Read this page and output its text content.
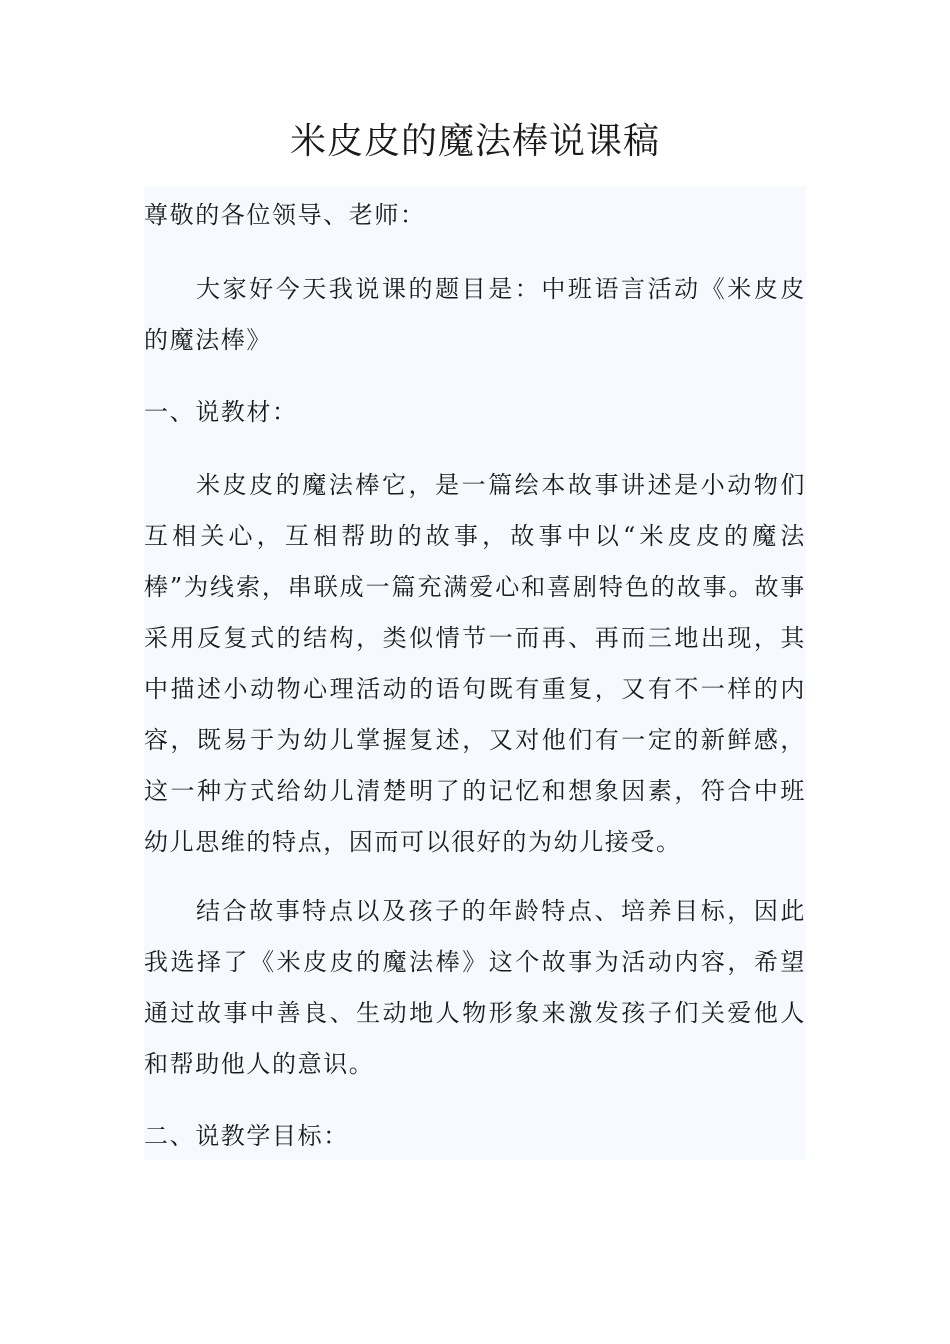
米皮皮的魔法棒说课稿

尊敬的各位领导、老师：

大家好今天我说课的题目是：中班语言活动《米皮皮的魔法棒》

一、说教材：

米皮皮的魔法棒它，是一篇绘本故事讲述是小动物们互相关心，互相帮助的故事，故事中以“米皮皮的魔法棒”为线索，串联成一篇充满爱心和喜剧特色的故事。故事采用反复式的结构，类似情节一而再、再而三地出现，其中描述小动物心理活动的语句既有重复，又有不一样的内容，既易于为幼儿掌握复述，又对他们有一定的新鲜感，这一种方式给幼儿清楚明了的记忆和想象因素，符合中班幼儿思维的特点，因而可以很好的为幼儿接受。

结合故事特点以及孩子的年龄特点、培养目标，因此我选择了《米皮皮的魔法棒》这个故事为活动内容，希望通过故事中善良、生动地人物形象来激发孩子们关爱他人和帮助他人的意识。

二、说教学目标：
